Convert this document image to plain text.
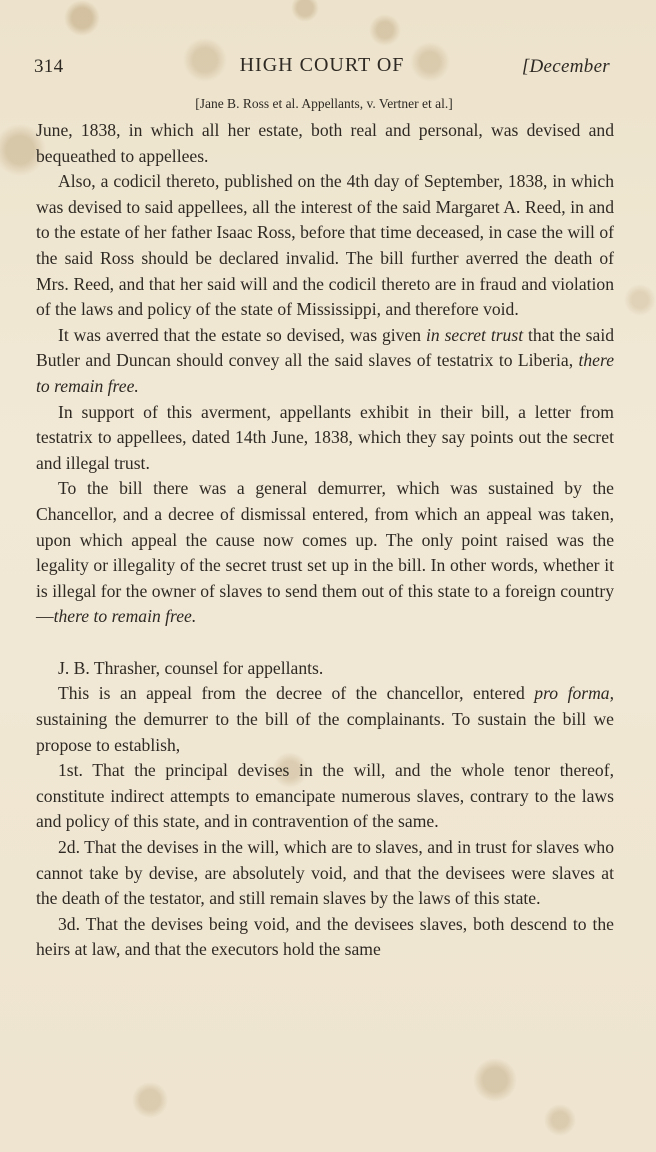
314	HIGH COURT OF	[December
[Jane B. Ross et al. Appellants, v. Vertner et al.]

June, 1838, in which all her estate, both real and personal, was devised and bequeathed to appellees.

Also, a codicil thereto, published on the 4th day of September, 1838, in which was devised to said appellees, all the interest of the said Margaret A. Reed, in and to the estate of her father Isaac Ross, before that time deceased, in case the will of the said Ross should be declared invalid. The bill further averred the death of Mrs. Reed, and that her said will and the codicil thereto are in fraud and violation of the laws and policy of the state of Mississippi, and therefore void.

It was averred that the estate so devised, was given in secret trust that the said Butler and Duncan should convey all the said slaves of testatrix to Liberia, there to remain free.

In support of this averment, appellants exhibit in their bill, a letter from testatrix to appellees, dated 14th June, 1838, which they say points out the secret and illegal trust.

To the bill there was a general demurrer, which was sustained by the Chancellor, and a decree of dismissal entered, from which an appeal was taken, upon which appeal the cause now comes up. The only point raised was the legality or illegality of the secret trust set up in the bill. In other words, whether it is illegal for the owner of slaves to send them out of this state to a foreign country—there to remain free.

J. B. Thrasher, counsel for appellants.

This is an appeal from the decree of the chancellor, entered pro forma, sustaining the demurrer to the bill of the complainants. To sustain the bill we propose to establish,

1st. That the principal devises in the will, and the whole tenor thereof, constitute indirect attempts to emancipate numerous slaves, contrary to the laws and policy of this state, and in contravention of the same.

2d. That the devises in the will, which are to slaves, and in trust for slaves who cannot take by devise, are absolutely void, and that the devisees were slaves at the death of the testator, and still remain slaves by the laws of this state.

3d. That the devises being void, and the devisees slaves, both descend to the heirs at law, and that the executors hold the same
